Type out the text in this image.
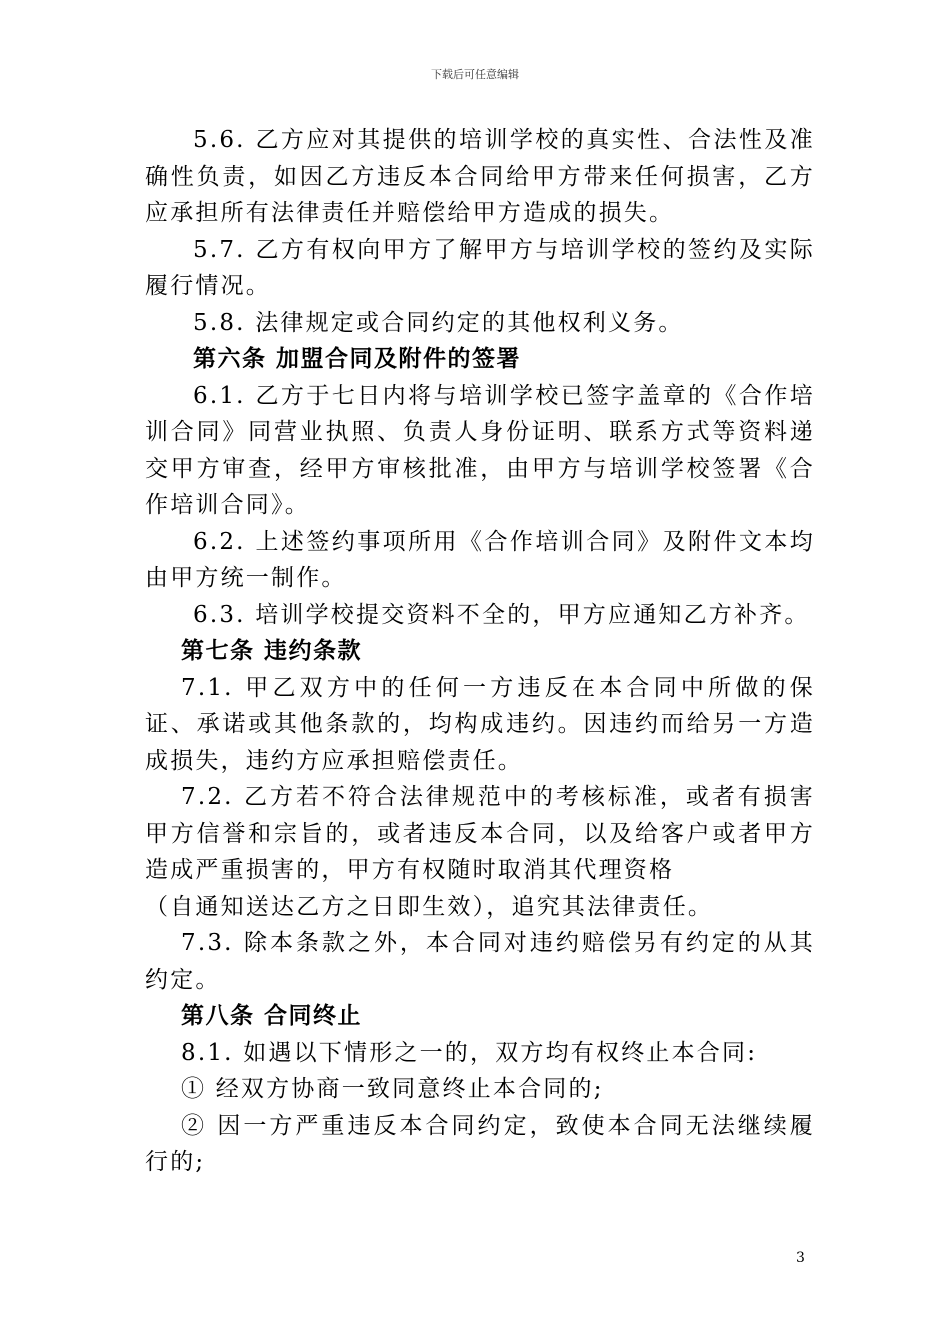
下载后可任意编辑

5.6. 乙方应对其提供的培训学校的真实性、合法性及准确性负责，如因乙方违反本合同给甲方带来任何损害，乙方应承担所有法律责任并赔偿给甲方造成的损失。

5.7. 乙方有权向甲方了解甲方与培训学校的签约及实际履行情况。

5.8. 法律规定或合同约定的其他权利义务。

第六条 加盟合同及附件的签署

6.1. 乙方于七日内将与培训学校已签字盖章的《合作培训合同》同营业执照、负责人身份证明、联系方式等资料递交甲方审查，经甲方审核批准，由甲方与培训学校签署《合作培训合同》。

6.2. 上述签约事项所用《合作培训合同》及附件文本均由甲方统一制作。

6.3. 培训学校提交资料不全的，甲方应通知乙方补齐。

第七条 违约条款

7.1. 甲乙双方中的任何一方违反在本合同中所做的保证、承诺或其他条款的，均构成违约。因违约而给另一方造成损失，违约方应承担赔偿责任。

7.2. 乙方若不符合法律规范中的考核标准，或者有损害甲方信誉和宗旨的，或者违反本合同，以及给客户或者甲方造成严重损害的，甲方有权随时取消其代理资格

（自通知送达乙方之日即生效），追究其法律责任。

7.3. 除本条款之外，本合同对违约赔偿另有约定的从其约定。

第八条 合同终止

8.1. 如遇以下情形之一的，双方均有权终止本合同:

① 经双方协商一致同意终止本合同的;

② 因一方严重违反本合同约定，致使本合同无法继续履行的;

3
